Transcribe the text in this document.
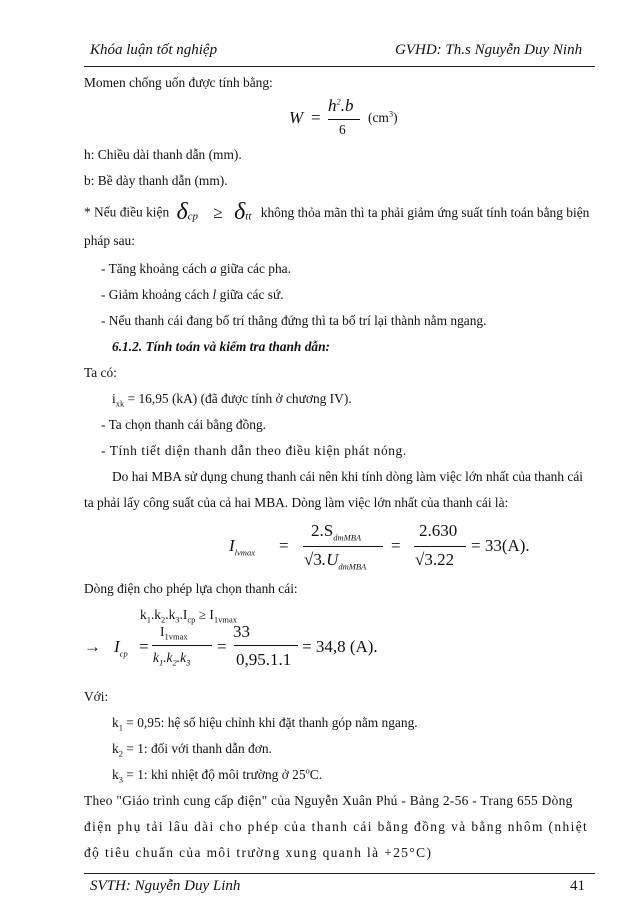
Khóa luận tốt nghiệp	GVHD: Th.s Nguyễn Duy Ninh
Momen chống uốn được tính bằng:
W =
$h^2.b$
6
$(cm^3)$
h: Chiều dài thanh dẫn (mm).
b: Bề dày thanh dẫn (mm).
* Nếu điều kiện $\delta_{cp} \ge \delta_{tt}$ không thỏa mãn thì ta phải giảm ứng suất tính toán bằng biện
pháp sau:
- Tăng khoảng cách a giữa các pha.
- Giảm khoảng cách l giữa các sứ.
- Nếu thanh cái đang bố trí thẳng đứng thì ta bố trí lại thành nằm ngang.
6.1.2. Tính toán và kiểm tra thanh dẫn:
Ta có:
$i_{xk} = 16,95$ (kA) (đã được tính ở chương IV).
- Ta chọn thanh cái bằng đồng.
- Tính tiết diện thanh dẫn theo điều kiện phát nóng.
Do hai MBA sử dụng chung thanh cái nên khi tính dòng làm việc lớn nhất của thanh cái
ta phải lấy công suất của cả hai MBA. Dòng làm việc lớn nhất của thanh cái là:
$I_{lvmax}$ =
$2.S_{dmMBA}$
$√3.U_{dmMBA}$
=
2.630
√3.22
= 33(A).
Dòng điện cho phép lựa chọn thanh cái:
$k_1.k_2.k_3.I_{cp} \ge I_{1vmax}$
→ $I_{cp}$ =
$I_{1vmax}$
$k_1.k_2.k_3$
=
33
0,95.1.1
= 34,8 (A).
Với:
$k_1 = 0,95$: hệ số hiệu chỉnh khi đặt thanh góp nằm ngang.
$k_2 = 1$: đối với thanh dẫn đơn.
$k_3 = 1$: khi nhiệt độ môi trường ở 25$^o$C.
Theo "Giáo trình cung cấp điện" của Nguyễn Xuân Phú - Bảng 2-56 - Trang 655 Dòng
điện phụ tải lâu dài cho phép của thanh cái bằng đồng và bằng nhôm (nhiệt
độ tiêu chuẩn của môi trường xung quanh là +25°C)
SVTH: Nguyễn Duy Linh	41
